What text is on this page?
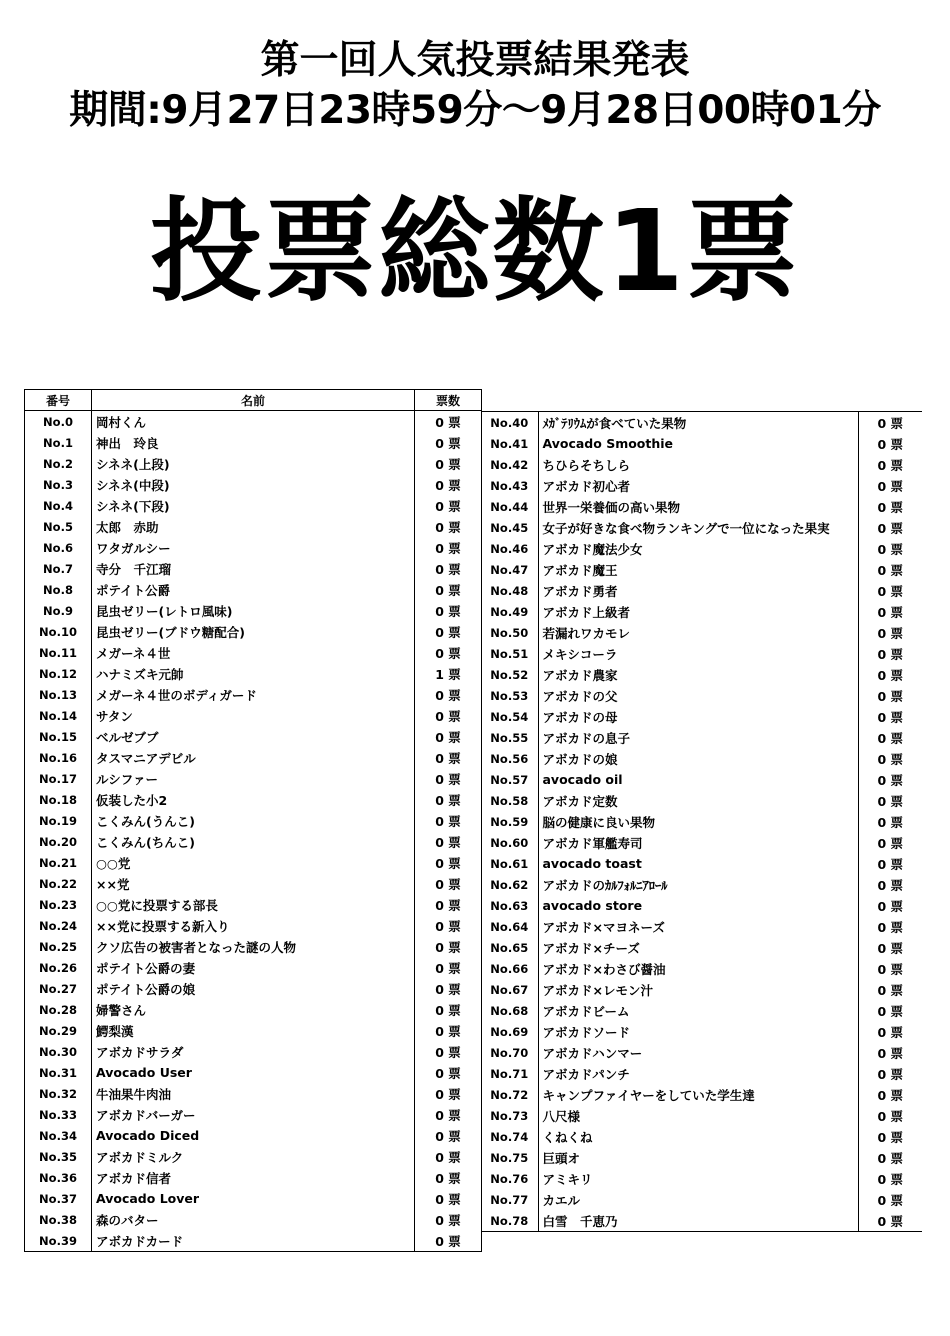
第一回人気投票結果発表
期間:9月27日23時59分〜9月28日00時01分
投票総数1票
番号	名前	票数
No.0	岡村くん	0 票
No.1	神出　玲良	0 票
No.2	シネネ(上段)	0 票
No.3	シネネ(中段)	0 票
No.4	シネネ(下段)	0 票
No.5	太郎　赤助	0 票
No.6	ワタガルシー	0 票
No.7	寺分　千江瑠	0 票
No.8	ポテイト公爵	0 票
No.9	昆虫ゼリー(レトロ風味)	0 票
No.10	昆虫ゼリー(ブドウ糖配合)	0 票
No.11	メガーネ４世	0 票
No.12	ハナミズキ元帥	1 票
No.13	メガーネ４世のボディガード	0 票
No.14	サタン	0 票
No.15	ベルゼブブ	0 票
No.16	タスマニアデビル	0 票
No.17	ルシファー	0 票
No.18	仮装した小2	0 票
No.19	こくみん(うんこ)	0 票
No.20	こくみん(ちんこ)	0 票
No.21	○○党	0 票
No.22	××党	0 票
No.23	○○党に投票する部長	0 票
No.24	××党に投票する新入り	0 票
No.25	クソ広告の被害者となった謎の人物	0 票
No.26	ポテイト公爵の妻	0 票
No.27	ポテイト公爵の娘	0 票
No.28	婦警さん	0 票
No.29	鰐梨漢	0 票
No.30	アボカドサラダ	0 票
No.31	Avocado User	0 票
No.32	牛油果牛肉油	0 票
No.33	アボカドバーガー	0 票
No.34	Avocado Diced	0 票
No.35	アボカドミルク	0 票
No.36	アボカド信者	0 票
No.37	Avocado Lover	0 票
No.38	森のバター	0 票
No.39	アボカドカード	0 票
No.40	ﾒｶﾞﾃﾘｳﾑが食べていた果物	0 票
No.41	Avocado Smoothie	0 票
No.42	ちひらそちしら	0 票
No.43	アボカド初心者	0 票
No.44	世界一栄養価の高い果物	0 票
No.45	女子が好きな食べ物ランキングで一位になった果実	0 票
No.46	アボカド魔法少女	0 票
No.47	アボカド魔王	0 票
No.48	アボカド勇者	0 票
No.49	アボカド上級者	0 票
No.50	若漏れワカモレ	0 票
No.51	メキシコーラ	0 票
No.52	アボカド農家	0 票
No.53	アボカドの父	0 票
No.54	アボカドの母	0 票
No.55	アボカドの息子	0 票
No.56	アボカドの娘	0 票
No.57	avocado oil	0 票
No.58	アボカド定数	0 票
No.59	脳の健康に良い果物	0 票
No.60	アボカド軍艦寿司	0 票
No.61	avocado toast	0 票
No.62	アボカドのｶﾙﾌｫﾙﾆｱﾛｰﾙ	0 票
No.63	avocado store	0 票
No.64	アボカド×マヨネーズ	0 票
No.65	アボカド×チーズ	0 票
No.66	アボカド×わさび醤油	0 票
No.67	アボカド×レモン汁	0 票
No.68	アボカドビーム	0 票
No.69	アボカドソード	0 票
No.70	アボカドハンマー	0 票
No.71	アボカドパンチ	0 票
No.72	キャンプファイヤーをしていた学生達	0 票
No.73	八尺様	0 票
No.74	くねくね	0 票
No.75	巨頭オ	0 票
No.76	アミキリ	0 票
No.77	カエル	0 票
No.78	白雪　千恵乃	0 票
